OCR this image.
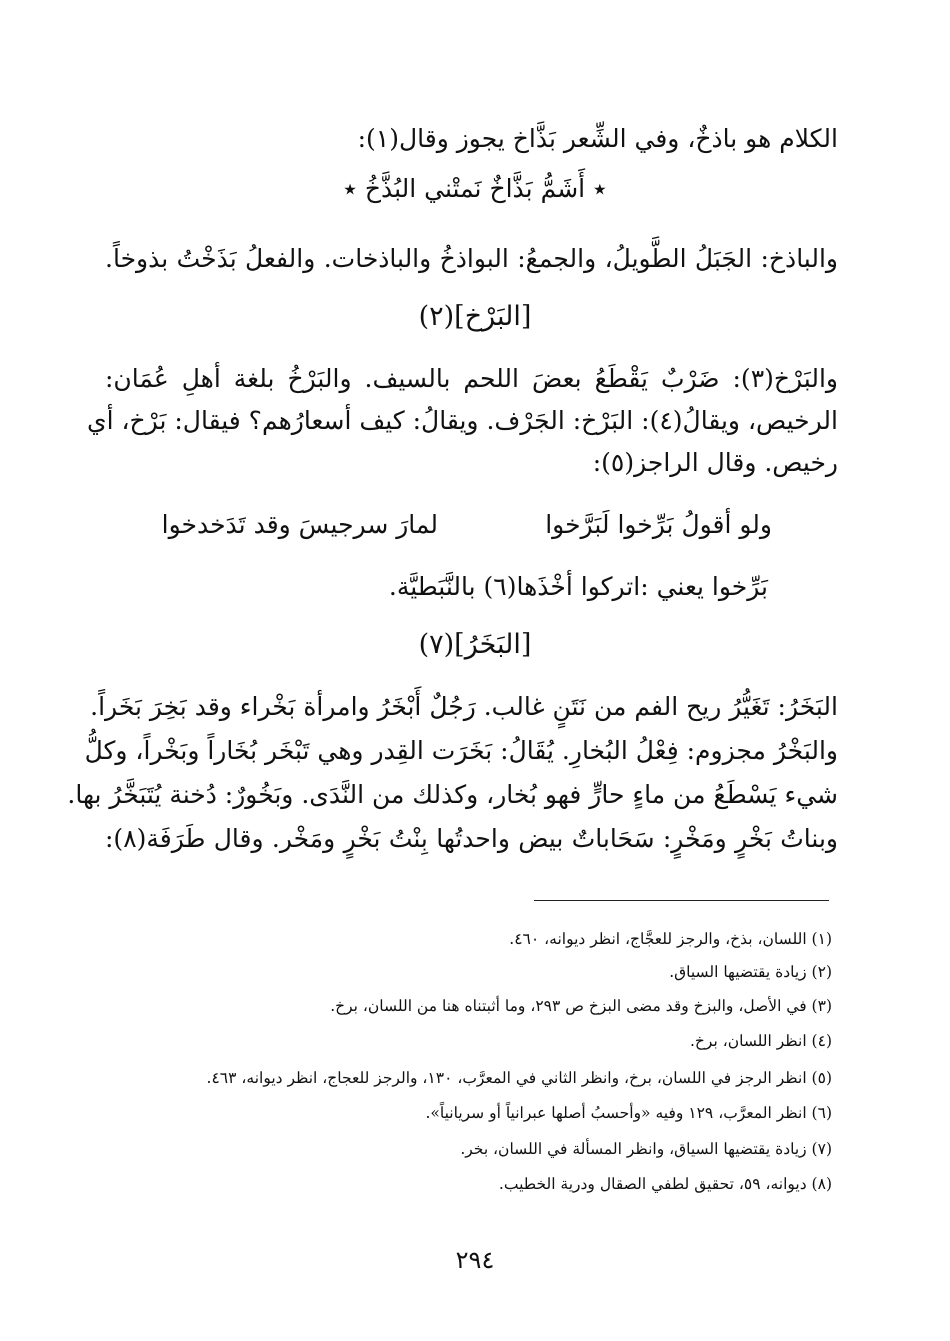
الكلام هو باذخٌ، وفي الشِّعر بَذَّاخ يجوز وقال(١):
٭ أَشَمُّ بَذَّاخٌ نَمتْني البُذَّخُ ٭
والباذخ: الجَبَلُ الطَّويلُ، والجمعُ: البواذخُ والباذخات. والفعلُ بَذَخْتُ بذوخاً.
[البَرْخ](٢)
والبَرْخ(٣): ضَرْبٌ يَقْطَعُ بعضَ اللحم بالسيف. والبَرْخُ بلغة أهلِ عُمَان:
الرخيص، ويقالُ(٤): البَرْخ: الجَرْف. ويقالُ: كيف أسعارُهم؟ فيقال: بَرْخ، أي
رخيص. وقال الراجز(٥):
ولو أقولُ بَرِّخوا لَبَرَّخوا
لمارَ سرجيسَ وقد تَدَخدخوا
بَرِّخوا يعني :اتركوا أخْذَها(٦) بالنَّبَطيَّة.
[البَخَرُ](٧)
البَخَرُ: تَغَيُّرُ ريح الفم من نَتَنٍ غالب. رَجُلٌ أَبْخَرُ وامرأة بَخْراء وقد بَخِرَ بَخَراً.
والبَخْرُ مجزوم: فِعْلُ البُخارِ. يُقَالُ: بَخَرَت القِدر وهي تَبْخَر بُخَاراً وبَخْراً، وكلُّ
شيء يَسْطَعُ من ماءٍ حارٍّ فهو بُخار، وكذلك من النَّدَى. وبَخُورٌ: دُخنة يُتَبَخَّرُ بها.
وبناتُ بَخْرٍ ومَخْرٍ: سَحَاباتٌ بيض واحدتُها بِنْتُ بَخْرٍ ومَخْر. وقال طَرَفَة(٨):
(١) اللسان، بذخ، والرجز للعجَّاج، انظر ديوانه، ٤٦٠.
(٢) زيادة يقتضيها السياق.
(٣) في الأصل، والبزخ وقد مضى البزخ ص ٢٩٣، وما أثبتناه هنا من اللسان، برخ.
(٤) انظر اللسان، برخ.
(٥) انظر الرجز في اللسان، برخ، وانظر الثاني في المعرَّب، ١٣٠، والرجز للعجاج، انظر ديوانه، ٤٦٣.
(٦) انظر المعرَّب، ١٢٩ وفيه «وأحسبُ أصلها عبرانياً أو سريانياً».
(٧) زيادة يقتضيها السياق، وانظر المسألة في اللسان، بخر.
(٨) ديوانه، ٥٩، تحقيق لطفي الصقال ودرية الخطيب.
٢٩٤
